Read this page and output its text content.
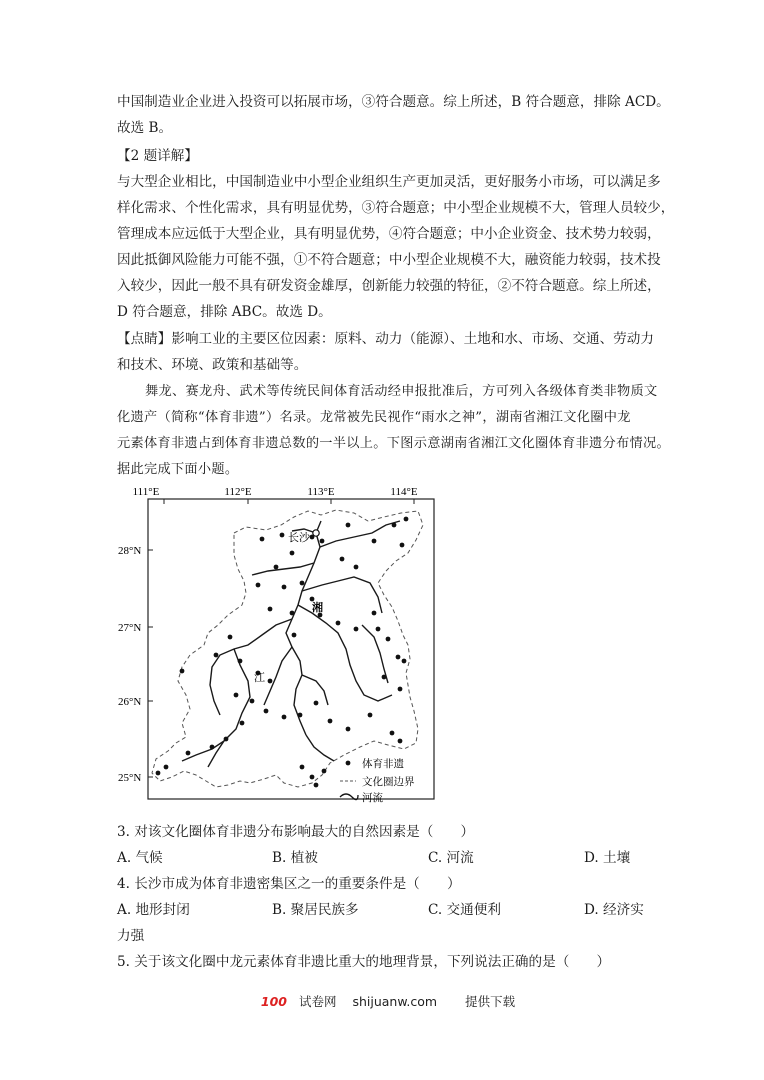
中国制造业企业进入投资可以拓展市场，③符合题意。综上所述，B 符合题意，排除 ACD。
故选 B。
【2 题详解】
与大型企业相比，中国制造业中小型企业组织生产更加灵活，更好服务小市场，可以满足多
样化需求、个性化需求，具有明显优势，③符合题意；中小型企业规模不大，管理人员较少，
管理成本应远低于大型企业，具有明显优势，④符合题意；中小企业资金、技术势力较弱，
因此抵御风险能力可能不强，①不符合题意；中小型企业规模不大，融资能力较弱，技术投
入较少，因此一般不具有研发资金雄厚，创新能力较强的特征，②不符合题意。综上所述，
D 符合题意，排除 ABC。故选 D。
【点睛】影响工业的主要区位因素：原料、动力（能源）、土地和水、市场、交通、劳动力
和技术、环境、政策和基础等。
舞龙、赛龙舟、武术等传统民间体育活动经申报批准后，方可列入各级体育类非物质文
化遗产（简称“体育非遗”）名录。龙常被先民视作“雨水之神”，湖南省湘江文化圈中龙
元素体育非遗占到体育非遗总数的一半以上。下图示意湖南省湘江文化圈体育非遗分布情况。
据此完成下面小题。
111°E	112°E	113°E	114°E
28°N
27°N
26°N
25°N
长沙
湘
江
体育非遗
文化圈边界
河流
3. 对该文化圈体育非遗分布影响最大的自然因素是（　　）
A. 气候	B. 植被	C. 河流	D. 土壤
4. 长沙市成为体育非遗密集区之一的重要条件是（　　）
A. 地形封闭	B. 聚居民族多	C. 交通便利	D. 经济实
力强
5. 关于该文化圈中龙元素体育非遗比重大的地理背景，下列说法正确的是（　　）
100 试卷网 shijuanw.com 提供下载
